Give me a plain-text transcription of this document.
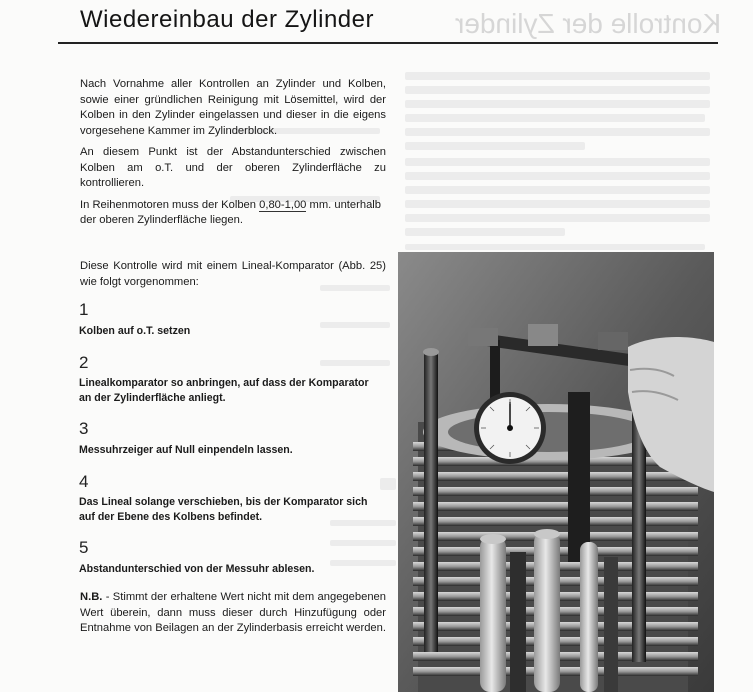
Kontrolle der Zylinder
Wiedereinbau der Zylinder

Nach Vornahme aller Kontrollen an Zylinder und Kolben, sowie einer gründlichen Reinigung mit Lösemittel, wird der Kolben in den Zylinder eingelassen und dieser in die eigens vorgesehene Kammer im Zylinderblock.

An diesem Punkt ist der Abstandunterschied zwischen Kolben am o.T. und der oberen Zylinderfläche zu kontrollieren.

In Reihenmotoren muss der Kolben 0,80-1,00 mm. unterhalb der oberen Zylinderfläche liegen.

Diese Kontrolle wird mit einem Lineal-Komparator (Abb. 25) wie folgt vorgenommen:

1
Kolben auf o.T. setzen
2
Linealkomparator so anbringen, auf dass der Komparator an der Zylinderfläche anliegt.
3
Messuhrzeiger auf Null einpendeln lassen.
4
Das Lineal solange verschieben, bis der Komparator sich auf der Ebene des Kolbens befindet.
5
Abstandunterschied von der Messuhr ablesen.

N.B. - Stimmt der erhaltene Wert nicht mit dem angegebenen Wert überein, dann muss dieser durch Hinzufügung oder Entnahme von Beilagen an der Zylinderbasis erreicht werden.
